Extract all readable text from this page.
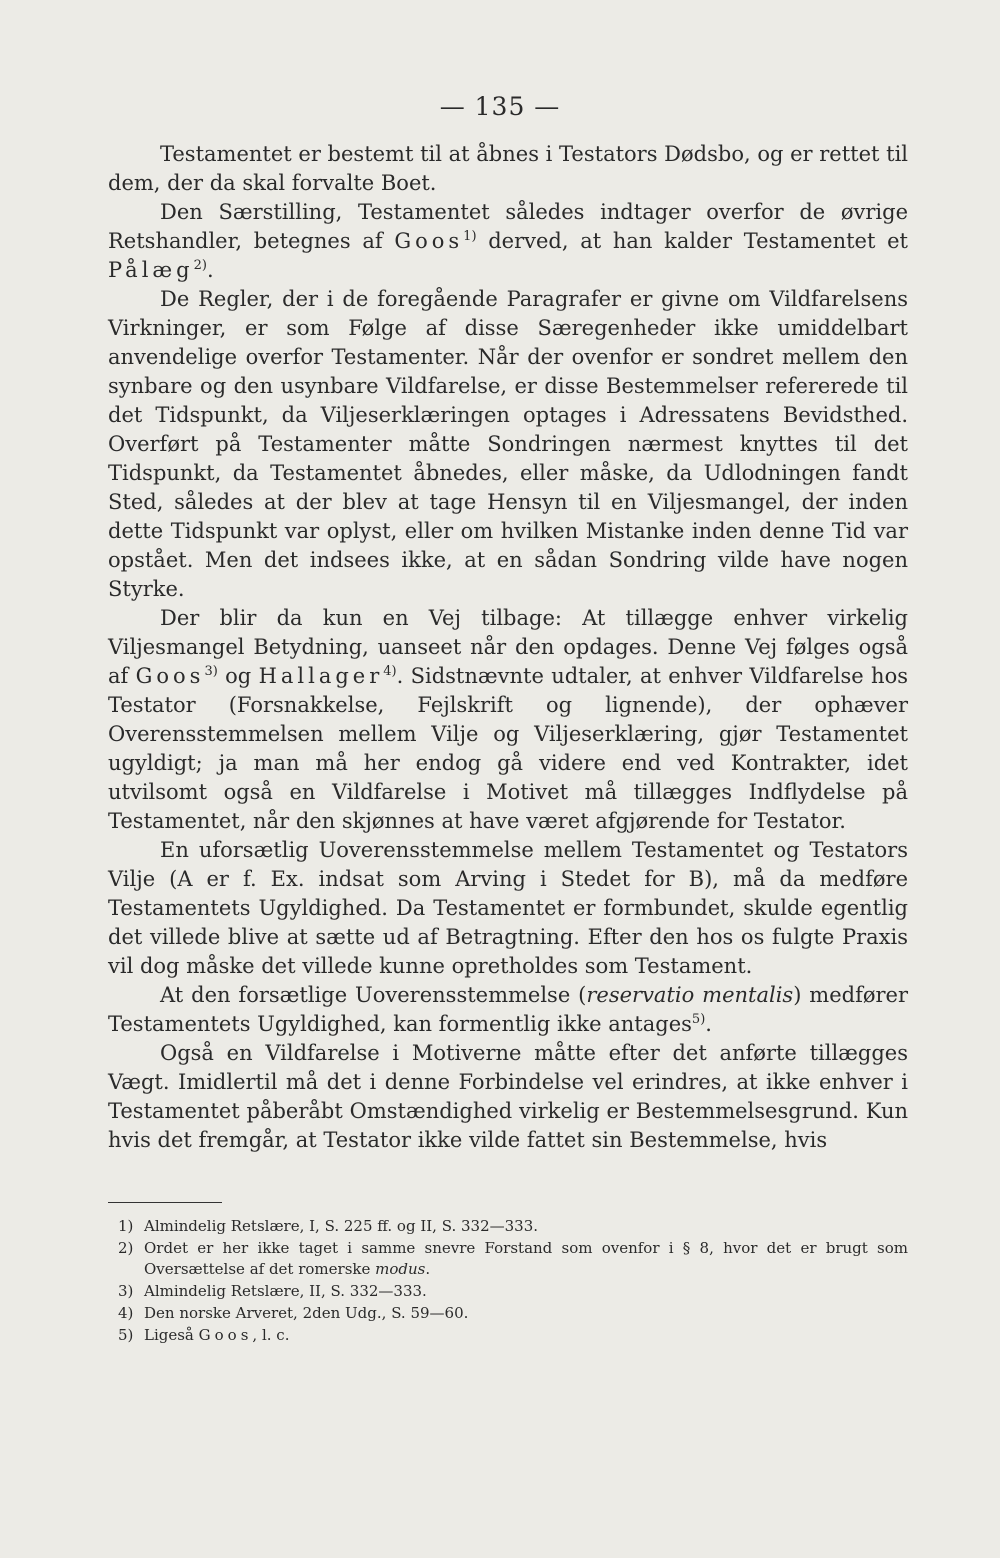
— 135 —

Testamentet er bestemt til at åbnes i Testators Dødsbo, og er rettet til dem, der da skal forvalte Boet.

Den Særstilling, Testamentet således indtager overfor de øvrige Retshandler, betegnes af Goos$^{1)}$ derved, at han kalder Testamentet et Pålæg$^{2)}$.

De Regler, der i de foregående Paragrafer er givne om Vildfarelsens Virkninger, er som Følge af disse Særegenheder ikke umiddelbart anvendelige overfor Testamenter. Når der ovenfor er sondret mellem den synbare og den usynbare Vildfarelse, er disse Bestemmelser refererede til det Tidspunkt, da Viljeserklæringen optages i Adressatens Bevidsthed. Overført på Testamenter måtte Sondringen nærmest knyttes til det Tidspunkt, da Testamentet åbnedes, eller måske, da Udlodningen fandt Sted, således at der blev at tage Hensyn til en Viljesmangel, der inden dette Tidspunkt var oplyst, eller om hvilken Mistanke inden denne Tid var opstået. Men det indsees ikke, at en sådan Sondring vilde have nogen Styrke.

Der blir da kun en Vej tilbage: At tillægge enhver virkelig Viljesmangel Betydning, uanseet når den opdages. Denne Vej følges også af Goos$^{3)}$ og Hallager$^{4)}$. Sidstnævnte udtaler, at enhver Vildfarelse hos Testator (Forsnakkelse, Fejlskrift og lignende), der ophæver Overensstemmelsen mellem Vilje og Viljeserklæring, gjør Testamentet ugyldigt; ja man må her endog gå videre end ved Kontrakter, idet utvilsomt også en Vildfarelse i Motivet må tillægges Indflydelse på Testamentet, når den skjønnes at have været afgjørende for Testator.

En uforsætlig Uoverensstemmelse mellem Testamentet og Testators Vilje (A er f. Ex. indsat som Arving i Stedet for B), må da medføre Testamentets Ugyldighed. Da Testamentet er formbundet, skulde egentlig det villede blive at sætte ud af Betragtning. Efter den hos os fulgte Praxis vil dog måske det villede kunne opretholdes som Testament.

At den forsætlige Uoverensstemmelse (reservatio mentalis) medfører Testamentets Ugyldighed, kan formentlig ikke antages$^{5)}$.

Også en Vildfarelse i Motiverne måtte efter det anførte tillægges Vægt. Imidlertil må det i denne Forbindelse vel erindres, at ikke enhver i Testamentet påberåbt Omstændighed virkelig er Bestemmelsesgrund. Kun hvis det fremgår, at Testator ikke vilde fattet sin Bestemmelse, hvis

1) Almindelig Retslære, I, S. 225 ff. og II, S. 332—333.
2) Ordet er her ikke taget i samme snevre Forstand som ovenfor i § 8, hvor det er brugt som Oversættelse af det romerske modus.
3) Almindelig Retslære, II, S. 332—333.
4) Den norske Arveret, 2den Udg., S. 59—60.
5) Ligeså Goos, l. c.
